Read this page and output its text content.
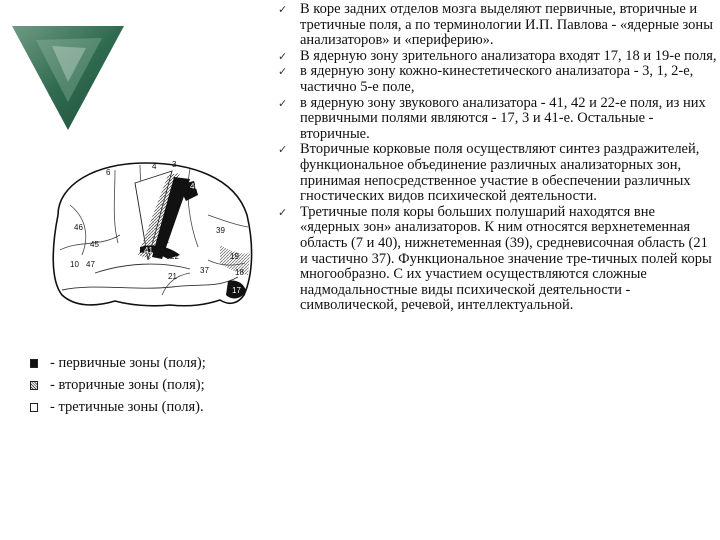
6
4 3
40
39
19
18
17
37
21
22
41
42
47
45
46
10
- первичные зоны (поля);
- вторичные зоны (поля);
- третичные зоны (поля).
✓ В коре задних отделов мозга выделяют первичные, вторичные и третичные поля, а по терминологии И.П. Павлова - «ядерные зоны анализаторов» и «периферию».
✓ В ядерную зону зрительного анализатора входят 17, 18 и 19-е поля,
✓ в ядерную зону кожно-кинестетического анализатора - 3, 1, 2-е, частично 5-е поле,
✓ в ядерную зону звукового анализатора - 41, 42 и 22-е поля, из них первичными полями являются - 17, 3 и 41-е. Остальные - вторичные.
✓ Вторичные корковые поля осуществляют синтез раздражителей, функциональное объединение различных анализаторных зон, принимая непосредственное участие в обеспечении различных гностических видов психической деятельности.
✓ Третичные поля коры больших полушарий находятся вне «ядерных зон» анализаторов. К ним относятся верхнетеменная область (7 и 40), нижнетеменная (39), средневисочная область (21 и частично 37). Функциональное значение тре-тичных полей коры многообразно. С их участием осуществляются сложные надмодальностные виды психической деятельности - символической, речевой, интеллектуальной.
